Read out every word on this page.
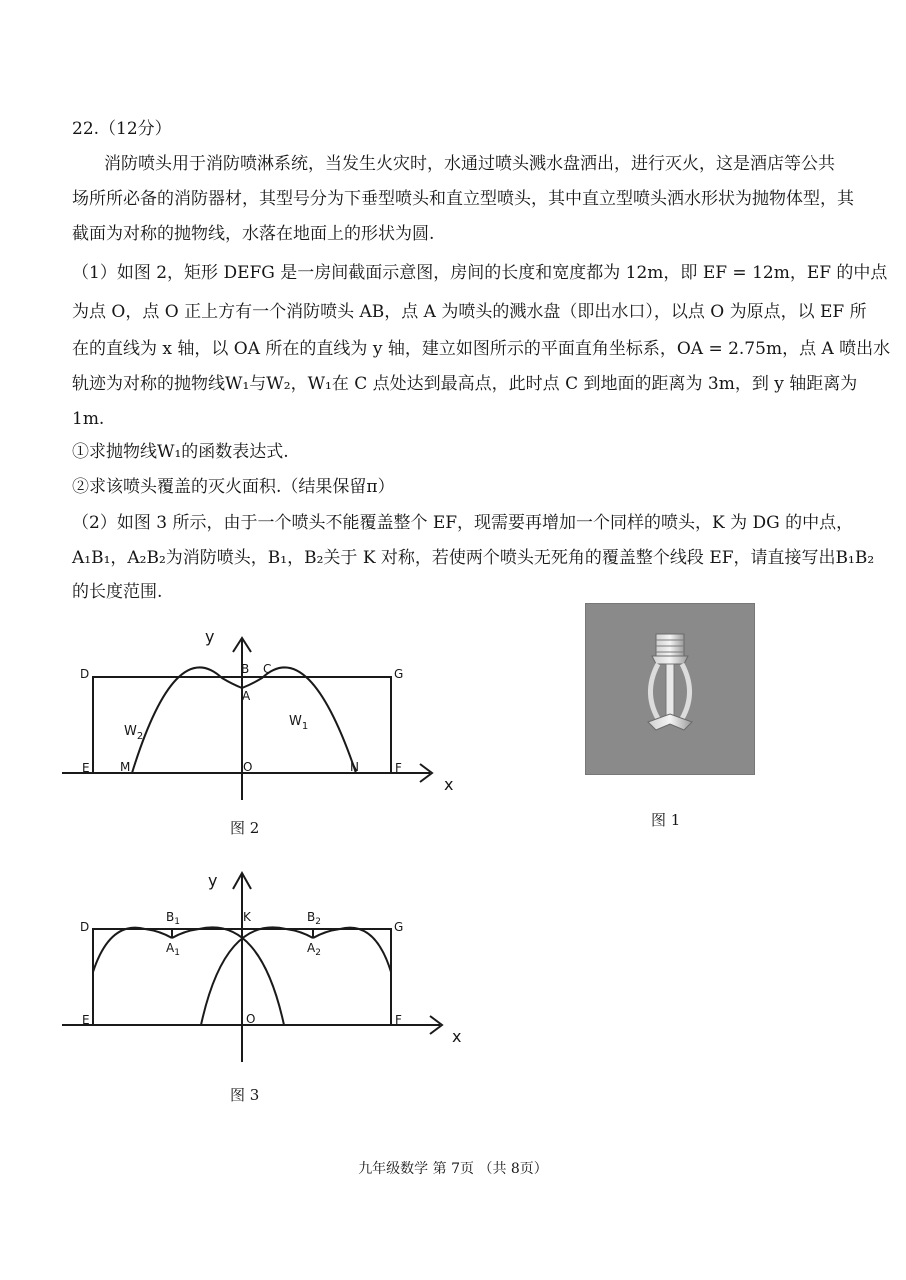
22.（12分）
消防喷头用于消防喷淋系统，当发生火灾时，水通过喷头溅水盘洒出，进行灭火，这是酒店等公共
场所所必备的消防器材，其型号分为下垂型喷头和直立型喷头，其中直立型喷头洒水形状为抛物体型，其
截面为对称的抛物线，水落在地面上的形状为圆.
（1）如图 2，矩形 DEFG 是一房间截面示意图，房间的长度和宽度都为 12m，即 EF = 12m，EF 的中点
为点 O，点 O 正上方有一个消防喷头 AB，点 A 为喷头的溅水盘（即出水口），以点 O 为原点，以 EF 所
在的直线为 x 轴，以 OA 所在的直线为 y 轴，建立如图所示的平面直角坐标系，OA = 2.75m，点 A 喷出水
轨迹为对称的抛物线W₁与W₂，W₁在 C 点处达到最高点，此时点 C 到地面的距离为 3m，到 y 轴距离为
1m.
①求抛物线W₁的函数表达式.
②求该喷头覆盖的灭火面积.（结果保留π）
（2）如图 3 所示，由于一个喷头不能覆盖整个 EF，现需要再增加一个同样的喷头，K 为 DG 的中点，
A₁B₁，A₂B₂为消防喷头，B₁，B₂关于 K 对称，若使两个喷头无死角的覆盖整个线段 EF，请直接写出B₁B₂
的长度范围.
y
x
D	G
E	F
B C
A
O
M	N
$W_1$
$W_2$
图 2	图 1
y
x
D	G
E	F
K
O
$B_1$
$A_1$
$B_2$
$A_2$
图 3
九年级数学 第 7页 （共 8页）
